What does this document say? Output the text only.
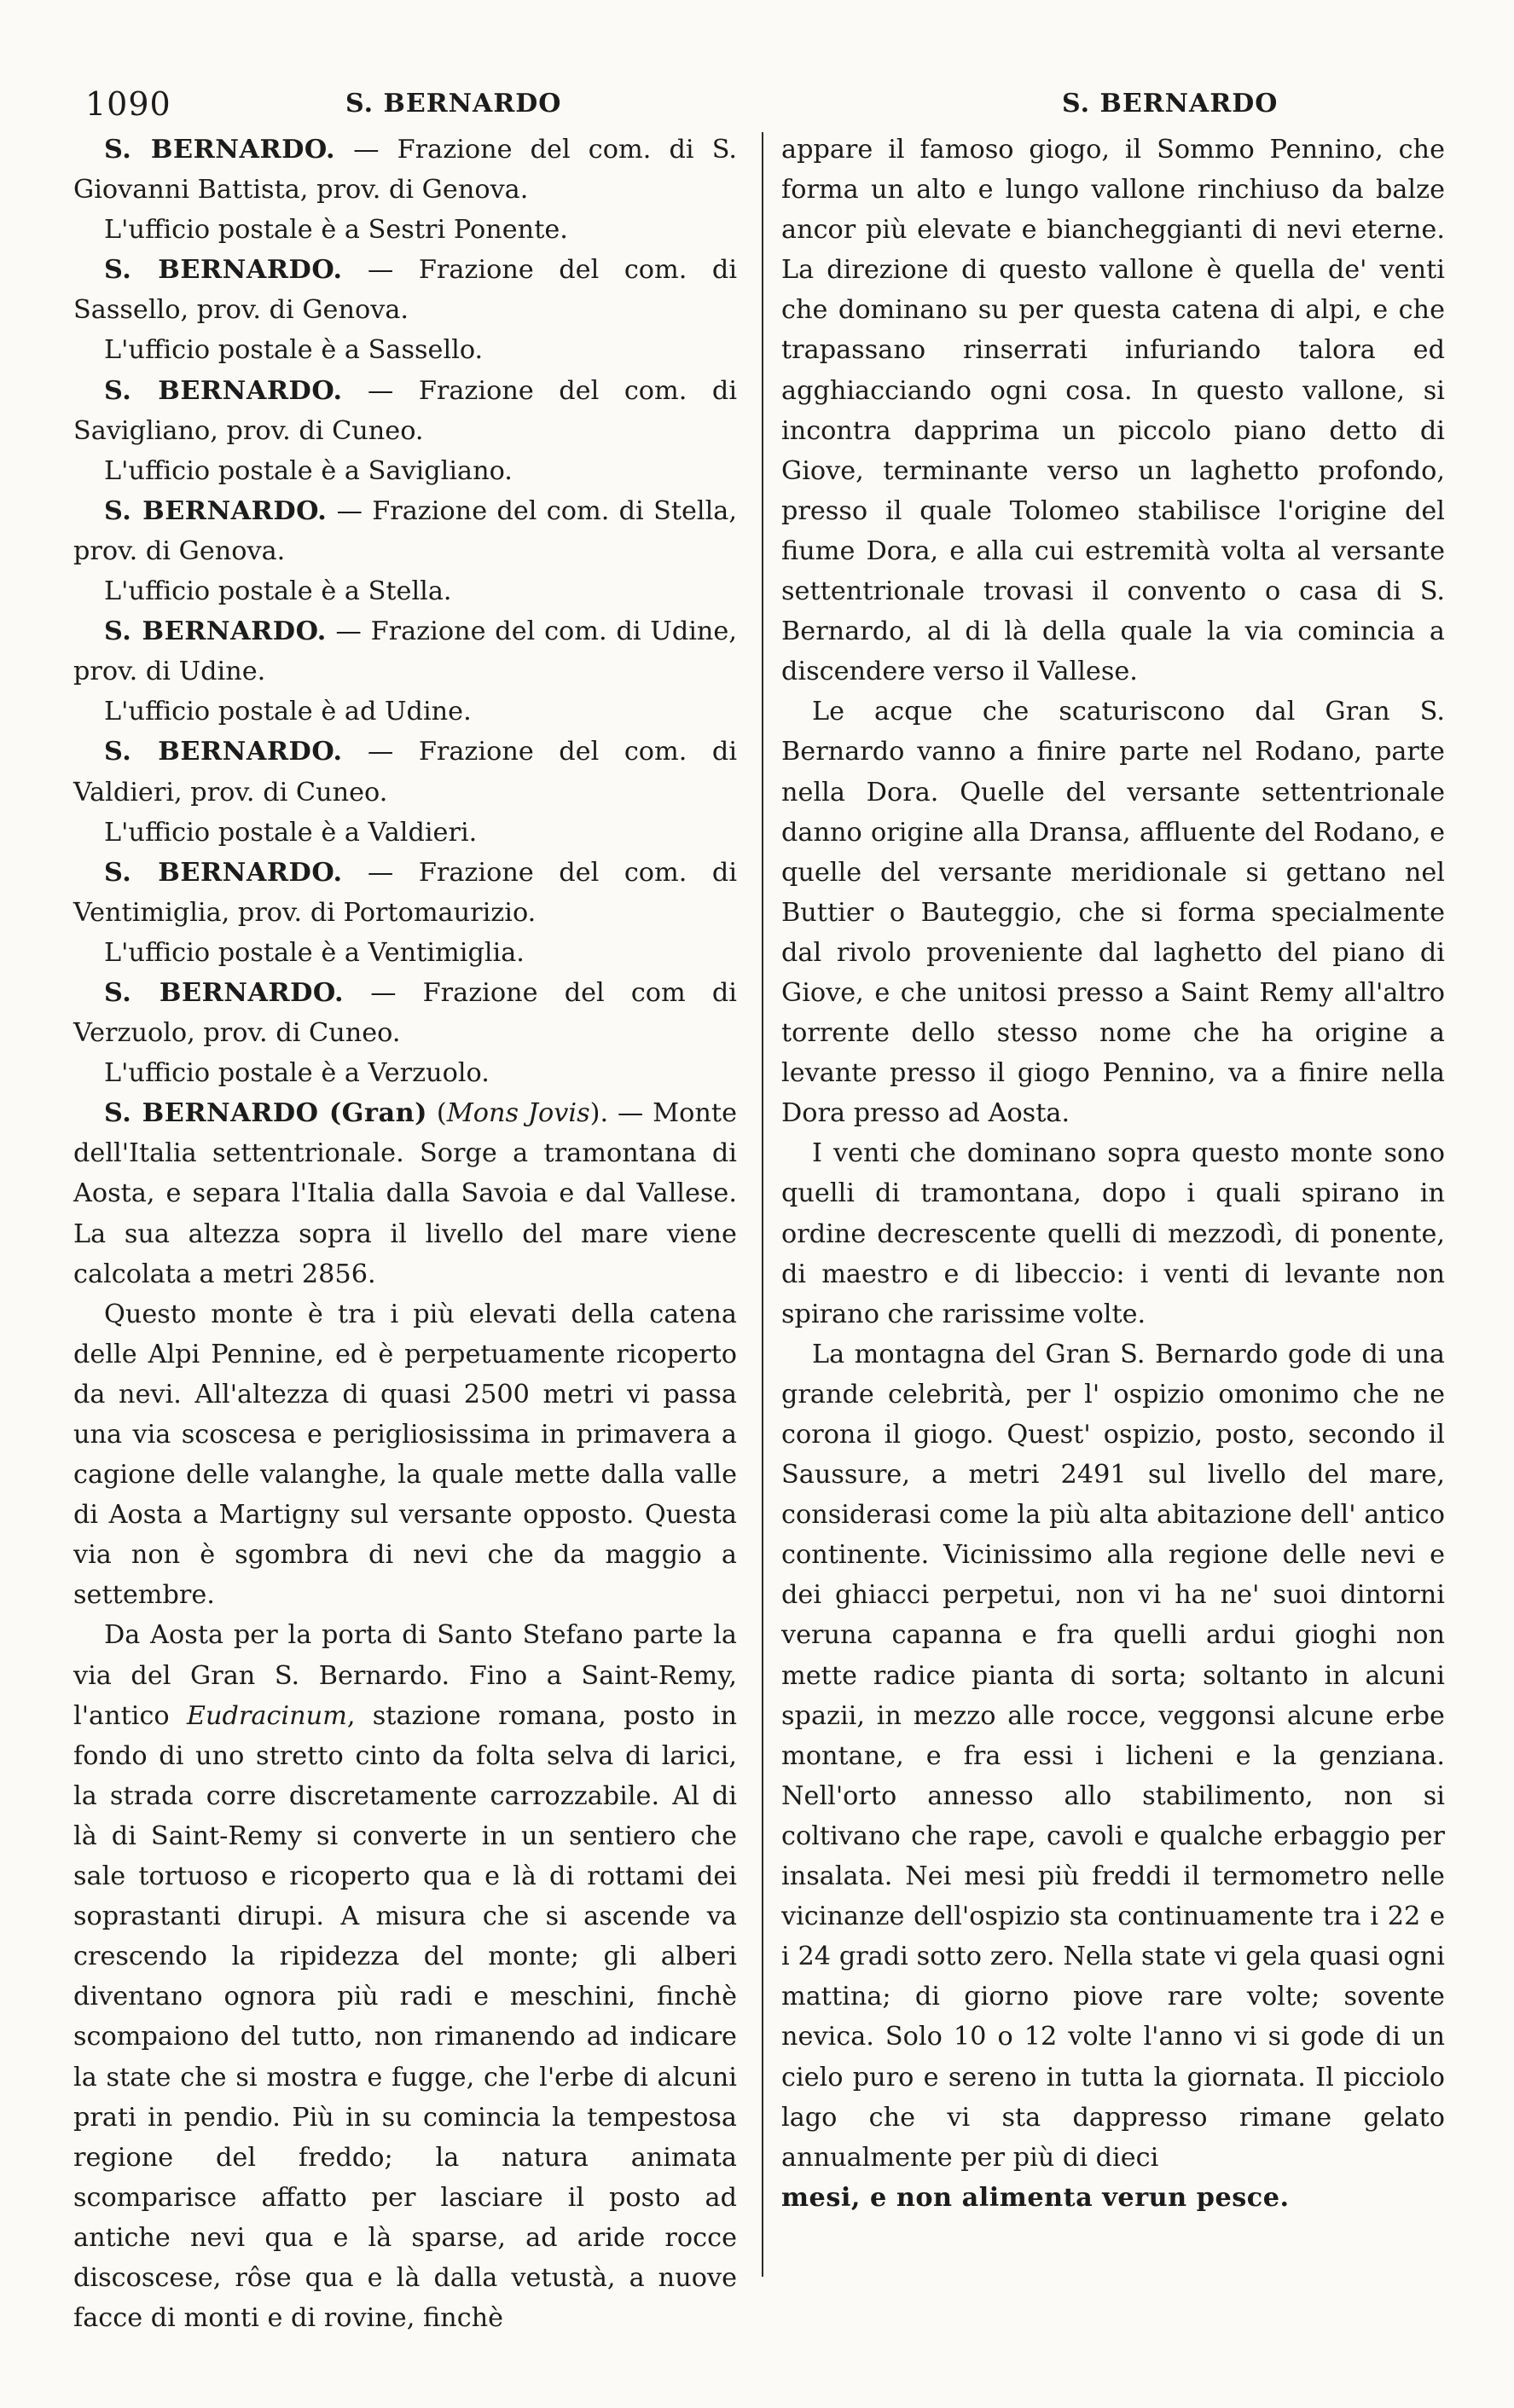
1090	S. BERNARDO	S. BERNARDO

S. BERNARDO. — Frazione del com. di S. Giovanni Battista, prov. di Genova.

L'ufficio postale è a Sestri Ponente.

S. BERNARDO. — Frazione del com. di Sassello, prov. di Genova.

L'ufficio postale è a Sassello.

S. BERNARDO. — Frazione del com. di Savigliano, prov. di Cuneo.

L'ufficio postale è a Savigliano.

S. BERNARDO. — Frazione del com. di Stella, prov. di Genova.

L'ufficio postale è a Stella.

S. BERNARDO. — Frazione del com. di Udine, prov. di Udine.

L'ufficio postale è ad Udine.

S. BERNARDO. — Frazione del com. di Valdieri, prov. di Cuneo.

L'ufficio postale è a Valdieri.

S. BERNARDO. — Frazione del com. di Ventimiglia, prov. di Portomaurizio.

L'ufficio postale è a Ventimiglia.

S. BERNARDO. — Frazione del com di Verzuolo, prov. di Cuneo.

L'ufficio postale è a Verzuolo.

S. BERNARDO (Gran) (Mons Jovis). — Monte dell'Italia settentrionale. Sorge a tramontana di Aosta, e separa l'Italia dalla Savoia e dal Vallese. La sua altezza sopra il livello del mare viene calcolata a metri 2856.

Questo monte è tra i più elevati della catena delle Alpi Pennine, ed è perpetuamente ricoperto da nevi. All'altezza di quasi 2500 metri vi passa una via scoscesa e perigliosissima in primavera a cagione delle valanghe, la quale mette dalla valle di Aosta a Martigny sul versante opposto. Questa via non è sgombra di nevi che da maggio a settembre.

Da Aosta per la porta di Santo Stefano parte la via del Gran S. Bernardo. Fino a Saint-Remy, l'antico Eudracinum, stazione romana, posto in fondo di uno stretto cinto da folta selva di larici, la strada corre discretamente carrozzabile. Al di là di Saint-Remy si converte in un sentiero che sale tortuoso e ricoperto qua e là di rottami dei soprastanti dirupi. A misura che si ascende va crescendo la ripidezza del monte; gli alberi diventano ognora più radi e meschini, finchè scompaiono del tutto, non rimanendo ad indicare la state che si mostra e fugge, che l'erbe di alcuni prati in pendio. Più in su comincia la tempestosa regione del freddo; la natura animata scomparisce affatto per lasciare il posto ad antiche nevi qua e là sparse, ad aride rocce discoscese, rôse qua e là dalla vetustà, a nuove facce di monti e di rovine, finchè

appare il famoso giogo, il Sommo Pennino, che forma un alto e lungo vallone rinchiuso da balze ancor più elevate e biancheggianti di nevi eterne. La direzione di questo vallone è quella de' venti che dominano su per questa catena di alpi, e che trapassano rinserrati infuriando talora ed agghiacciando ogni cosa. In questo vallone, si incontra dapprima un piccolo piano detto di Giove, terminante verso un laghetto profondo, presso il quale Tolomeo stabilisce l'origine del fiume Dora, e alla cui estremità volta al versante settentrionale trovasi il convento o casa di S. Bernardo, al di là della quale la via comincia a discendere verso il Vallese.

Le acque che scaturiscono dal Gran S. Bernardo vanno a finire parte nel Rodano, parte nella Dora. Quelle del versante settentrionale danno origine alla Dransa, affluente del Rodano, e quelle del versante meridionale si gettano nel Buttier o Bauteggio, che si forma specialmente dal rivolo proveniente dal laghetto del piano di Giove, e che unitosi presso a Saint Remy all'altro torrente dello stesso nome che ha origine a levante presso il giogo Pennino, va a finire nella Dora presso ad Aosta.

I venti che dominano sopra questo monte sono quelli di tramontana, dopo i quali spirano in ordine decrescente quelli di mezzodì, di ponente, di maestro e di libeccio: i venti di levante non spirano che rarissime volte.

La montagna del Gran S. Bernardo gode di una grande celebrità, per l' ospizio omonimo che ne corona il giogo. Quest' ospizio, posto, secondo il Saussure, a metri 2491 sul livello del mare, considerasi come la più alta abitazione dell' antico continente. Vicinissimo alla regione delle nevi e dei ghiacci perpetui, non vi ha ne' suoi dintorni veruna capanna e fra quelli ardui gioghi non mette radice pianta di sorta; soltanto in alcuni spazii, in mezzo alle rocce, veggonsi alcune erbe montane, e fra essi i licheni e la genziana. Nell'orto annesso allo stabilimento, non si coltivano che rape, cavoli e qualche erbaggio per insalata. Nei mesi più freddi il termometro nelle vicinanze dell'ospizio sta continuamente tra i 22 e i 24 gradi sotto zero. Nella state vi gela quasi ogni mattina; di giorno piove rare volte; sovente nevica. Solo 10 o 12 volte l'anno vi si gode di un cielo puro e sereno in tutta la giornata. Il picciolo lago che vi sta dappresso rimane gelato annualmente per più di dieci

mesi, e non alimenta verun pesce.
